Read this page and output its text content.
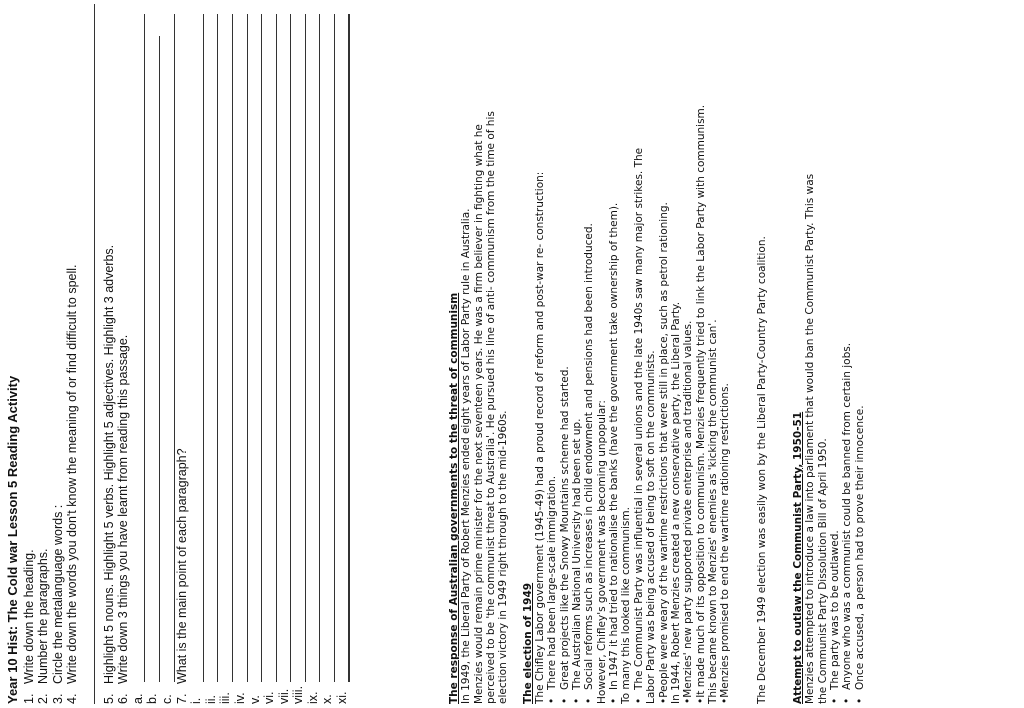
Year 10 Hist: The Cold war Lesson 5 Reading Activity 1.
Write down the heading.
2.
Number the paragraphs.
3.
Circle the metalanguage words :
4.
Write down the words you don't know the meaning of or find difficult to spell.
5.
Highlight 5 nouns. Highlight 5 verbs. Highlight 5 adjectives. Highlight 3 adverbs.
6.
Write down 3 things you have learnt from reading this passage.
a. b. c. 7.
What is the main point of each paragraph?
i. ii. iii. iv. v. vi. vii. viii. ix. x. xi.	The response of Australian governments to the threat of communism In 1949, the Liberal Party of Robert Menzies ended eight years of Labor Party rule in Australia. Menzies would remain prime minister for the next seventeen years. He was a firm believer in fighting what he perceived to be 'the communist threat to Australia'. He pursued his line of anti- communism from the time of his election victory in 1949 right through to the mid-1960s. The election of 1949 The Chifley Labor government (1945-49) had a proud record of reform and post-war re- construction: •
There had been large-scale immigration.
•
Great projects like the Snowy Mountains scheme had started.
•
The Australian National University had been set up.
•
Social reforms such as increases in child endowment and pensions had been introduced. However, Chifley's government was becoming unpopular: •
In 1947 it had tried to nationalise the banks (have the government take ownership of them). To many this looked like communism. •
The Communist Party was influential in several unions and the late 1940s saw many major strikes. The Labor Party was being accused of being to soft on the communists. •People were weary of the wartime restrictions that were still in place, such as petrol rationing. In 1944, Robert Menzies created a new conservative party, the Liberal Party. •Menzies' new party supported private enterprise and traditional values.

•It made much of its opposition to communism. Menzies frequently tried to link the Labor Party with communism. This became known to Menzies' enemies as 'kicking the communist can'. •Menzies promised to end the wartime rationing restrictions. The December 1949 election was easily won by the Liberal Party-Country Party coalition. Attempt to outlaw the Communist Party, 1950-51 Menzies attempted to introduce a law into parliament that would ban the Communist Party. This was the Communist Party Dissolution Bill of April 1950. •
The party was to be outlawed.
•
Anyone who was a communist could be banned from certain jobs.
•
Once accused, a person had to prove their innocence.
